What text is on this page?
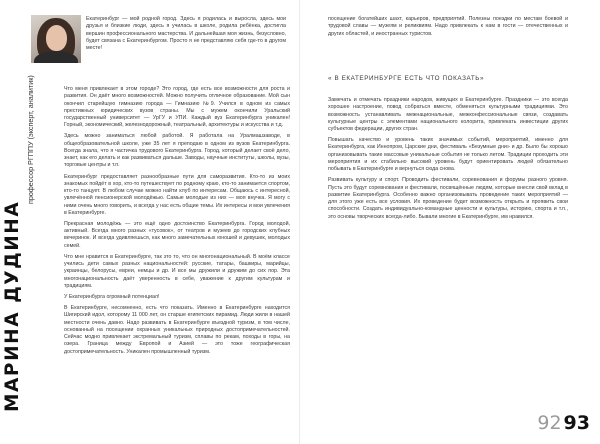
МАРИНА ДУДИНА
профессор РГППУ (эксперт, аналитик)

Екатеринбург — мой родной город. Здесь я родилась и выросла, здесь мои друзья и близкие люди, здесь я училась в школе, родила ребёнка, достигла вершин профессионального мастерства. И дальнейшая моя жизнь, безусловно, будет связана с Екатеринбургом. Просто я не представляю себя где-то в другом месте!

Что меня привлекает в этом городе? Это город, где есть все возможности для роста и развития. Он даёт много возможностей. Можно получить отличное образование. Мой сын окончил старейшую гимназию города — Гимназию №9. Учился в одном из самых престижных юридических вузов страны. Мы с мужем окончили Уральский государственный университет — УрГУ и УПИ. Каждый вуз Екатеринбурга уникален! Горный, экономический, железнодорожный, театральный, архитектуры и искусства и т.д.

Здесь можно заниматься любой работой. Я работала на Уралмашзаводе, в общеобразовательной школе, уже 35 лет я преподаю в одном из вузов Екатеринбурга. Всегда знала, что я частичка трудового Екатеринбурга. Город, который делает своё дело, знает, как его делать и как развиваться дальше. Заводы, научные институты, школы, вузы, торговые центры и т.п.

Екатеринбург предоставляет разнообразные пути для саморазвития. Кто-то из моих знакомых пойдёт в хор, кто-то путешествует по родному краю, кто-то занимается спортом, кто-то танцует. В любом случае можно найти клуб по интересам. Общаюсь с интересной, увлечённой пенсионерской молодёжью. Самые молодые из них — моя внучка. Я могу с ними очень много говорить, и всегда у нас есть общие темы. Их интересы и мои увлечения в Екатеринбурге.

Прекрасная молодёжь — это ещё одно достоинство Екатеринбурга. Город молодой, активный. Всегда много разных «тусовок», от театров и музеев до городских клубных вечеринок. И всегда удивляешься, как много замечательных юношей и девушек, молодых семей.

Что мне нравится в Екатеринбурге, так это то, что он многонациональный. В моём классе учились дети самых разных национальностей: русские, татары, башкиры, марийцы, украинцы, белорусы, евреи, немцы и др. И все мы дружили и дружим до сих пор. Эта многонациональность даёт уверенность в себе, уважение к другим культурам и традициям.

У Екатеринбурга огромный потенциал!

В Екатеринбурге, несомненно, есть что показать. Именно в Екатеринбурге находится Шигирский идол, которому 11 000 лет, он старше египетских пирамид. Люди жили в нашей местности очень давно. Надо развивать в Екатеринбурге въездной туризм, в том числе, основанный на посещении охранных уникальных природных достопримечательностей. Сейчас модно привлекает экстремальный туризм, сплавы по рекам, походы в горы, на озера. Граница между Европой и Азией — это тоже географическая достопримечательность. Уникален промышленный туризм.

посещение богатейших шахт, карьеров, предприятий. Полезны поездки по местам боевой и трудовой славы — музеям и реликвиям. Надо привлекать к нам в гости — отечественных и других областей, и иностранных туристов.

« В ЕКАТЕРИНБУРГЕ ЕСТЬ ЧТО ПОКАЗАТЬ»

Замечать и отмечать праздники народов, живущих в Екатеринбурге. Праздники — это всегда хорошее настроение, повод собраться вместе, обменяться культурными традициями. Это возможность устанавливать межнациональные, межконфессиональные связи, создавать культурные центры с элементами национального колорита, привлекать инвестиции других субъектов федерации, других стран.

Повышать качество и уровень таких значимых событий, мероприятий, именно для Екатеринбурга, как Иннопром, Царские дни, фестиваль «Безумные дни» и др. Было бы хорошо организовывать такие массовые уникальные события не только летом. Традиции проходить эти мероприятия и их стабильно высокий уровень будут ориентировать людей обязательно побывать в Екатеринбурге и вернуться сюда снова.

Развивать культуру и спорт. Проводить фестивали, соревнования и форумы разного уровня. Пусть это будут соревнования и фестивали, посвящённые людям, которые внесли свой вклад в развитие Екатеринбурга. Особенно важно организовывать проведение таких мероприятий — для этого уже есть все условия. Их проведение будет возможность открыть и проявить свои способности. Создать индивидуально-командные ценности и культуры, историю, спорта и т.п., это основы творческих всегда-либо. Бывали многие в Екатеринбурге, им нравился.

92 93
